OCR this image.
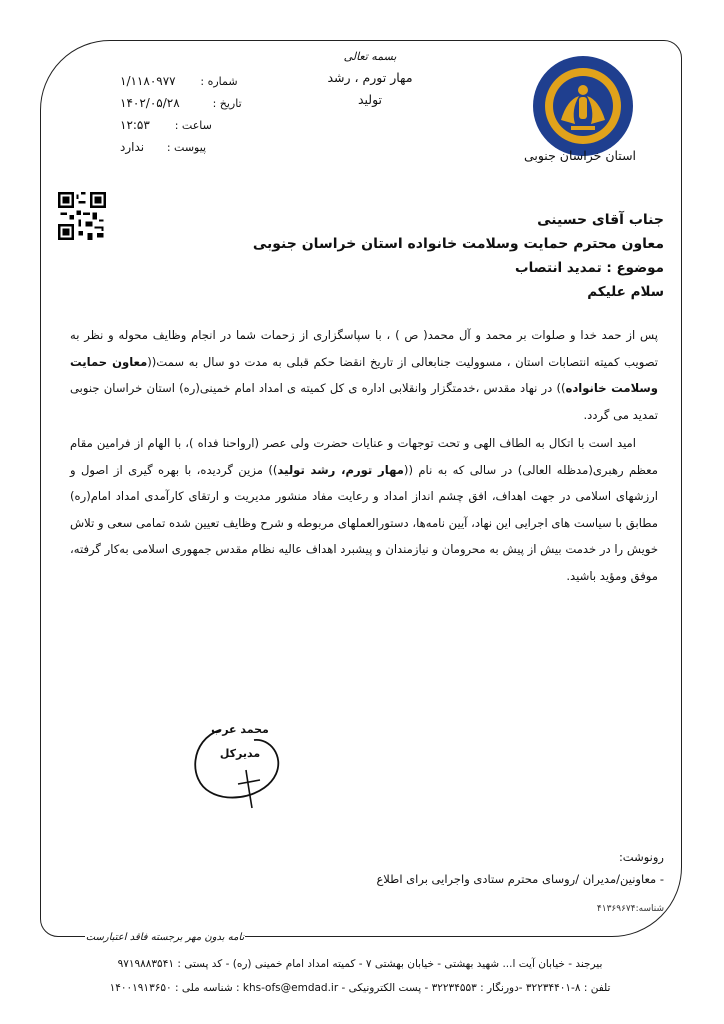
شماره :
۱/۱۱۸۰۹۷۷
تاریخ :
۱۴۰۲/۰۵/۲۸
ساعت :
۱۲:۵۳
پیوست :
ندارد
بسمه تعالی
مهار تورم ، رشد
تولید
استان خراسان جنوبی
جناب آقای حسینی
معاون محترم حمایت وسلامت خانواده استان خراسان جنوبی
موضوع : تمدید انتصاب
سلام علیکم

پس از حمد خدا و صلوات بر محمد و آل محمد( ص ) ، با سپاسگزاری از زحمات شما در انجام وظایف محوله و نظر به تصویب کمیته انتصابات استان ، مسوولیت جنابعالی از تاریخ انقضا حکم قبلی به مدت دو سال به سمت((معاون حمایت وسلامت خانواده)) در نهاد مقدس ،خدمتگزار وانقلابی اداره ی کل کمیته ی امداد امام خمینی(ره) استان خراسان جنوبی تمدید می گردد.

امید است با اتکال به الطاف الهی و تحت توجهات و عنایات حضرت ولی عصر (ارواحنا فداه )، با الهام از فرامین مقام معظم رهبری(مدظله العالی) در سالی که به نام ((مهار تورم، رشد تولید)) مزین گردیده، با بهره گیری از اصول و ارزشهای اسلامی در جهت اهداف، افق چشم انداز امداد و رعایت مفاد منشور مدیریت و ارتقای کارآمدی امداد امام(ره) مطابق با سیاست های اجرایی این نهاد، آیین نامه‌ها، دستورالعملهای مربوطه و شرح وظایف تعیین شده تمامی سعی و تلاش خویش را در خدمت بیش از پیش به محرومان و نیازمندان و پیشبرد اهداف عالیه نظام مقدس جمهوری اسلامی به‌کار گرفته، موفق ومؤید باشید.

محمد عرب
مدیرکل
رونوشت:
- معاونین/مدیران /روسای محترم ستادی واجرایی برای اطلاع
شناسه:۴۱۳۶۹۶۷۴
نامه بدون مهر برجسته فاقد اعتبارست
بیرجند - خیابان آیت ا... شهید بهشتی - خیابان بهشتی ۷ - کمیته امداد امام خمینی (ره) - کد پستی : ۹۷۱۹۸۸۳۵۴۱
تلفن : ۸-۳۲۲۳۴۴۰۱ -دورنگار : ۳۲۲۳۴۵۵۳ - پست الکترونیکی - khs-ofs@emdad.ir : شناسه ملی : ۱۴۰۰۱۹۱۳۶۵۰
